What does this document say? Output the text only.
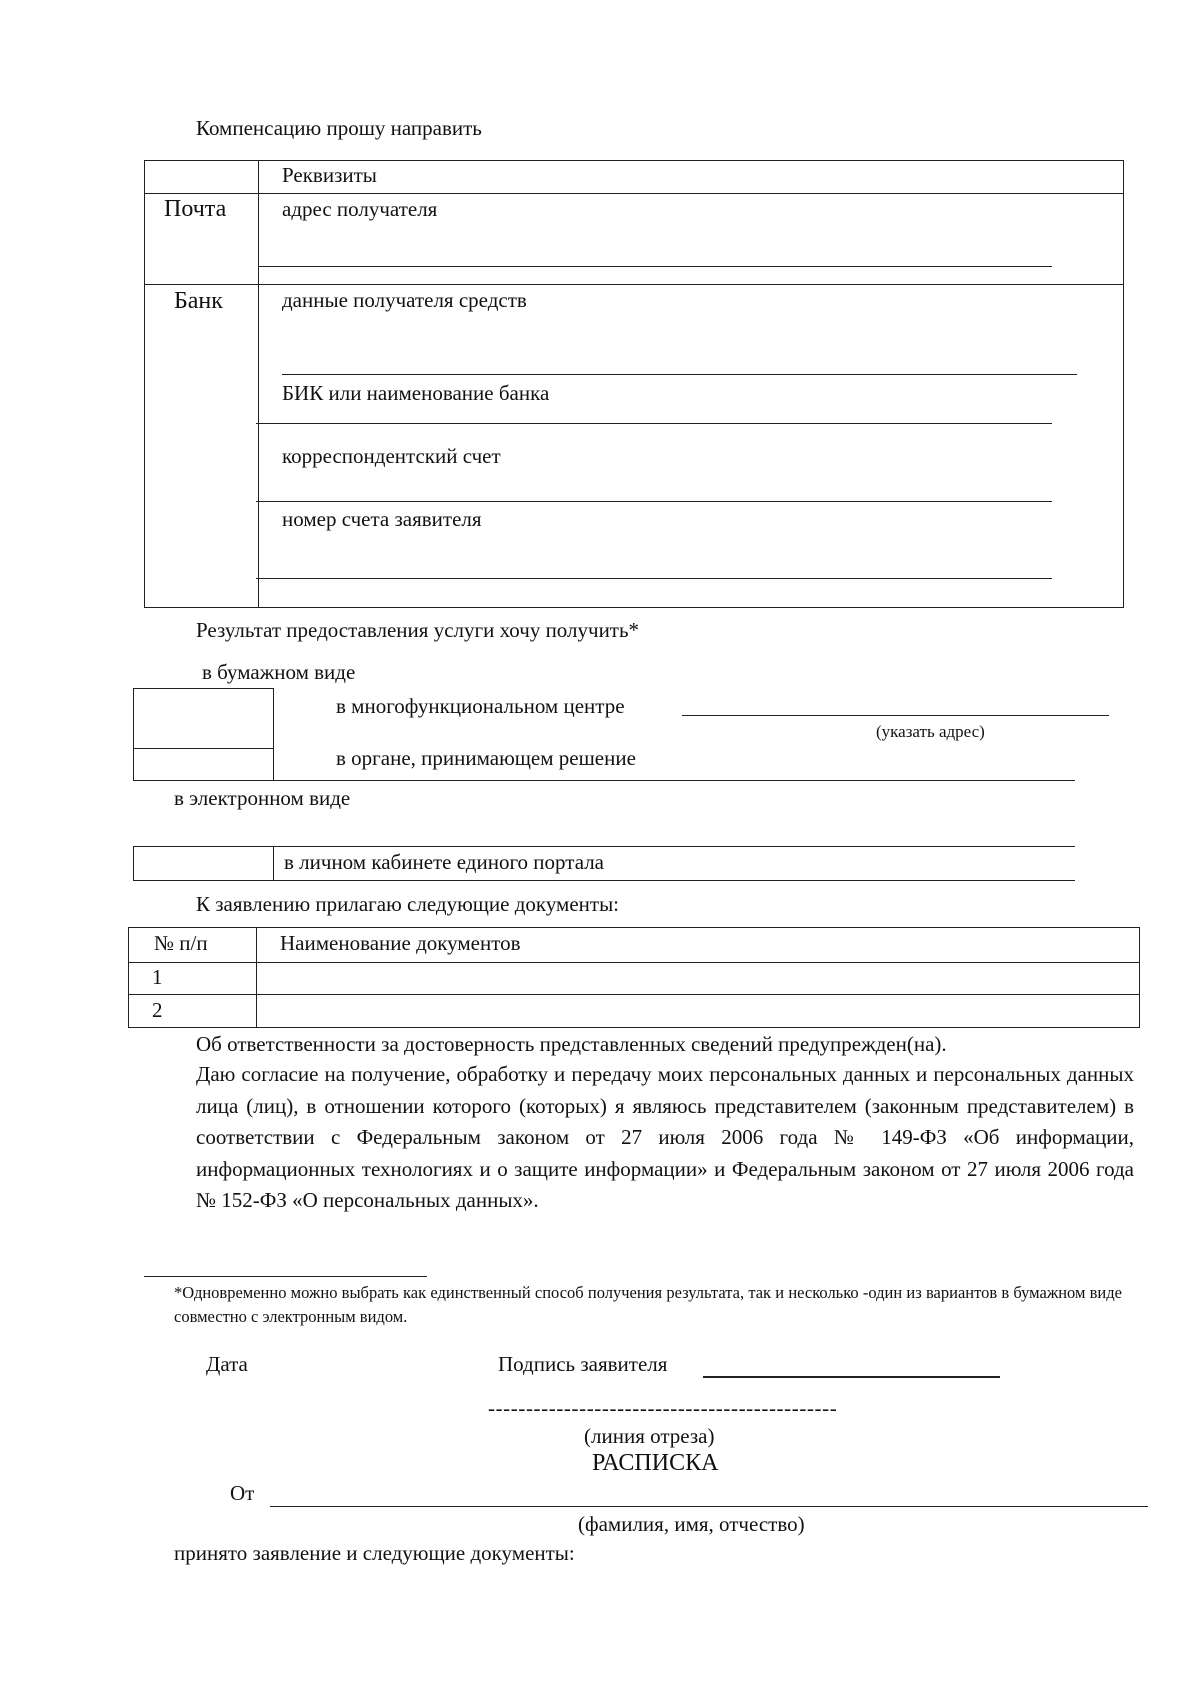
Компенсацию прошу направить
Реквизиты
Почта	адрес получателя
Банк	данные получателя средств
БИК или наименование банка
корреспондентский счет
номер счета заявителя
Результат предоставления услуги хочу получить*
в бумажном виде
в многофункциональном центре
(указать адрес)
в органе, принимающем решение
в электронном виде
в личном кабинете единого портала
К заявлению прилагаю следующие документы:
№ п/п	Наименование документов
1
2
Об ответственности за достоверность представленных сведений предупрежден(на).

Даю согласие на получение, обработку и передачу моих персональных данных и персональных данных лица (лиц), в отношении которого (которых) я являюсь представителем (законным представителем) в соответствии с Федеральным законом от 27 июля 2006 года № 149-ФЗ «Об информации, информационных технологиях и о защите информации» и Федеральным законом от 27 июля 2006 года № 152-ФЗ «О персональных данных».

*Одновременно можно выбрать как единственный способ получения результата, так и несколько -один из вариантов в бумажном виде совместно с электронным видом.

Дата	Подпись заявителя
----------------------------------------------
(линия отреза)
РАСПИСКА
От
(фамилия, имя, отчество)
принято заявление и следующие документы:
